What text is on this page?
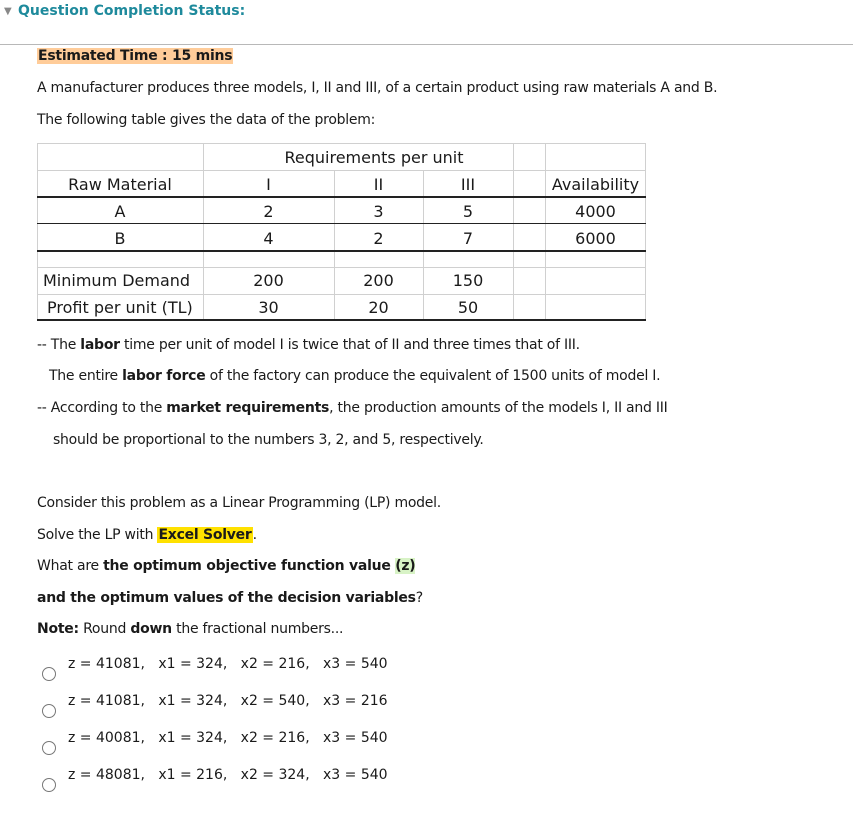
▼ Question Completion Status:
Estimated Time : 15 mins
A manufacturer produces three models, I, II and III, of a certain product using raw materials A and B.
The following table gives the data of the problem:
Requirements per unit
Raw Material	I	II	III	Availability
A	2	3	5	4000
B	4	2	7	6000
Minimum Demand	200	200	150
Profit per unit (TL)	30	20	50
-- The labor time per unit of model I is twice that of II and three times that of III.
The entire labor force of the factory can produce the equivalent of 1500 units of model I.
-- According to the market requirements, the production amounts of the models I, II and III
should be proportional to the numbers 3, 2, and 5, respectively.
Consider this problem as a Linear Programming (LP) model.
Solve the LP with Excel Solver.
What are the optimum objective function value (z)
and the optimum values of the decision variables?
Note: Round down the fractional numbers...
z = 41081,   x1 = 324,   x2 = 216,   x3 = 540
z = 41081,   x1 = 324,   x2 = 540,   x3 = 216
z = 40081,   x1 = 324,   x2 = 216,   x3 = 540
z = 48081,   x1 = 216,   x2 = 324,   x3 = 540
